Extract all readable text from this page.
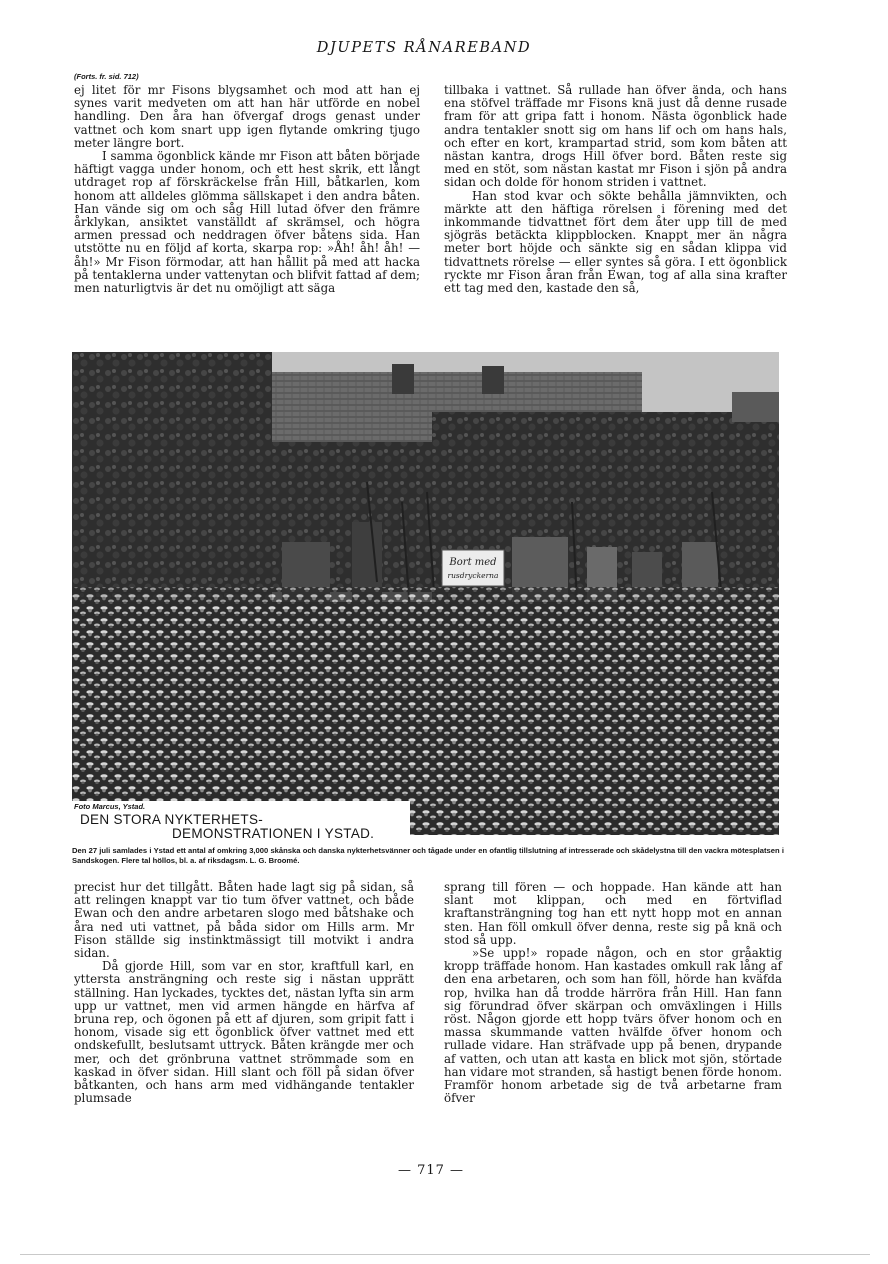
DJUPETS RÅNAREBAND
(Forts. fr. sid. 712)

ej litet för mr Fisons blygsamhet och mod att han ej synes varit medveten om att han här utförde en nobel handling. Den åra han öfvergaf drogs genast under vattnet och kom snart upp igen flytande omkring tjugo meter längre bort.

I samma ögonblick kände mr Fison att båten började häftigt vagga under honom, och ett hest skrik, ett långt utdraget rop af förskräckelse från Hill, båtkarlen, kom honom att alldeles glömma sällskapet i den andra båten. Han vände sig om och såg Hill lutad öfver den främre årklykan, ansiktet vanställdt af skrämsel, och högra armen pressad och neddragen öfver båtens sida. Han utstötte nu en följd af korta, skarpa rop: »Åh! åh! åh! — åh!» Mr Fison förmodar, att han hållit på med att hacka på tentaklerna under vattenytan och blifvit fattad af dem; men naturligtvis är det nu omöjligt att säga

tillbaka i vattnet. Så rullade han öfver ända, och hans ena stöfvel träffade mr Fisons knä just då denne rusade fram för att gripa fatt i honom. Nästa ögonblick hade andra tentakler snott sig om hans lif och om hans hals, och efter en kort, krampartad strid, som kom båten att nästan kantra, drogs Hill öfver bord. Båten reste sig med en stöt, som nästan kastat mr Fison i sjön på andra sidan och dolde för honom striden i vattnet.

Han stod kvar och sökte behålla jämnvikten, och märkte att den häftiga rörelsen i förening med det inkommande tidvattnet fört dem åter upp till de med sjögräs betäckta klippblocken. Knappt mer än några meter bort höjde och sänkte sig en sådan klippa vid tidvattnets rörelse — eller syntes så göra. I ett ögonblick ryckte mr Fison åran från Ewan, tog af alla sina krafter ett tag med den, kastade den så,

Bort med
rusdryckerna
Foto Marcus, Ystad.
DEN STORA NYKTERHETS-
DEMONSTRATIONEN I YSTAD.
Den 27 juli samlades i Ystad ett antal af omkring 3,000 skånska och danska nykterhetsvänner och tågade under en ofantlig tillslutning af intresserade och skådelystna till den vackra mötesplatsen i Sandskogen. Flere tal höllos, bl. a. af riksdagsm. L. G. Broomé.

precist hur det tillgått. Båten hade lagt sig på sidan, så att relingen knappt var tio tum öfver vattnet, och både Ewan och den andre arbetaren slogo med båtshake och åra ned uti vattnet, på båda sidor om Hills arm. Mr Fison ställde sig instinktmässigt till motvikt i andra sidan.

Då gjorde Hill, som var en stor, kraftfull karl, en yttersta ansträngning och reste sig i nästan upprätt ställning. Han lyckades, tycktes det, nästan lyfta sin arm upp ur vattnet, men vid armen hängde en härfva af bruna rep, och ögonen på ett af djuren, som gripit fatt i honom, visade sig ett ögonblick öfver vattnet med ett ondskefullt, beslutsamt uttryck. Båten krängde mer och mer, och det grönbruna vattnet strömmade som en kaskad in öfver sidan. Hill slant och föll på sidan öfver båtkanten, och hans arm med vidhängande tentakler plumsade

sprang till fören — och hoppade. Han kände att han slant mot klippan, och med en förtviflad kraftansträngning tog han ett nytt hopp mot en annan sten. Han föll omkull öfver denna, reste sig på knä och stod så upp.

»Se upp!» ropade någon, och en stor gråaktig kropp träffade honom. Han kastades omkull rak lång af den ena arbetaren, och som han föll, hörde han kväfda rop, hvilka han då trodde härröra från Hill. Han fann sig förundrad öfver skärpan och omväxlingen i Hills röst. Någon gjorde ett hopp tvärs öfver honom och en massa skummande vatten hvälfde öfver honom och rullade vidare. Han sträfvade upp på benen, drypande af vatten, och utan att kasta en blick mot sjön, störtade han vidare mot stranden, så hastigt benen förde honom. Framför honom arbetade sig de två arbetarne fram öfver

— 717 —
